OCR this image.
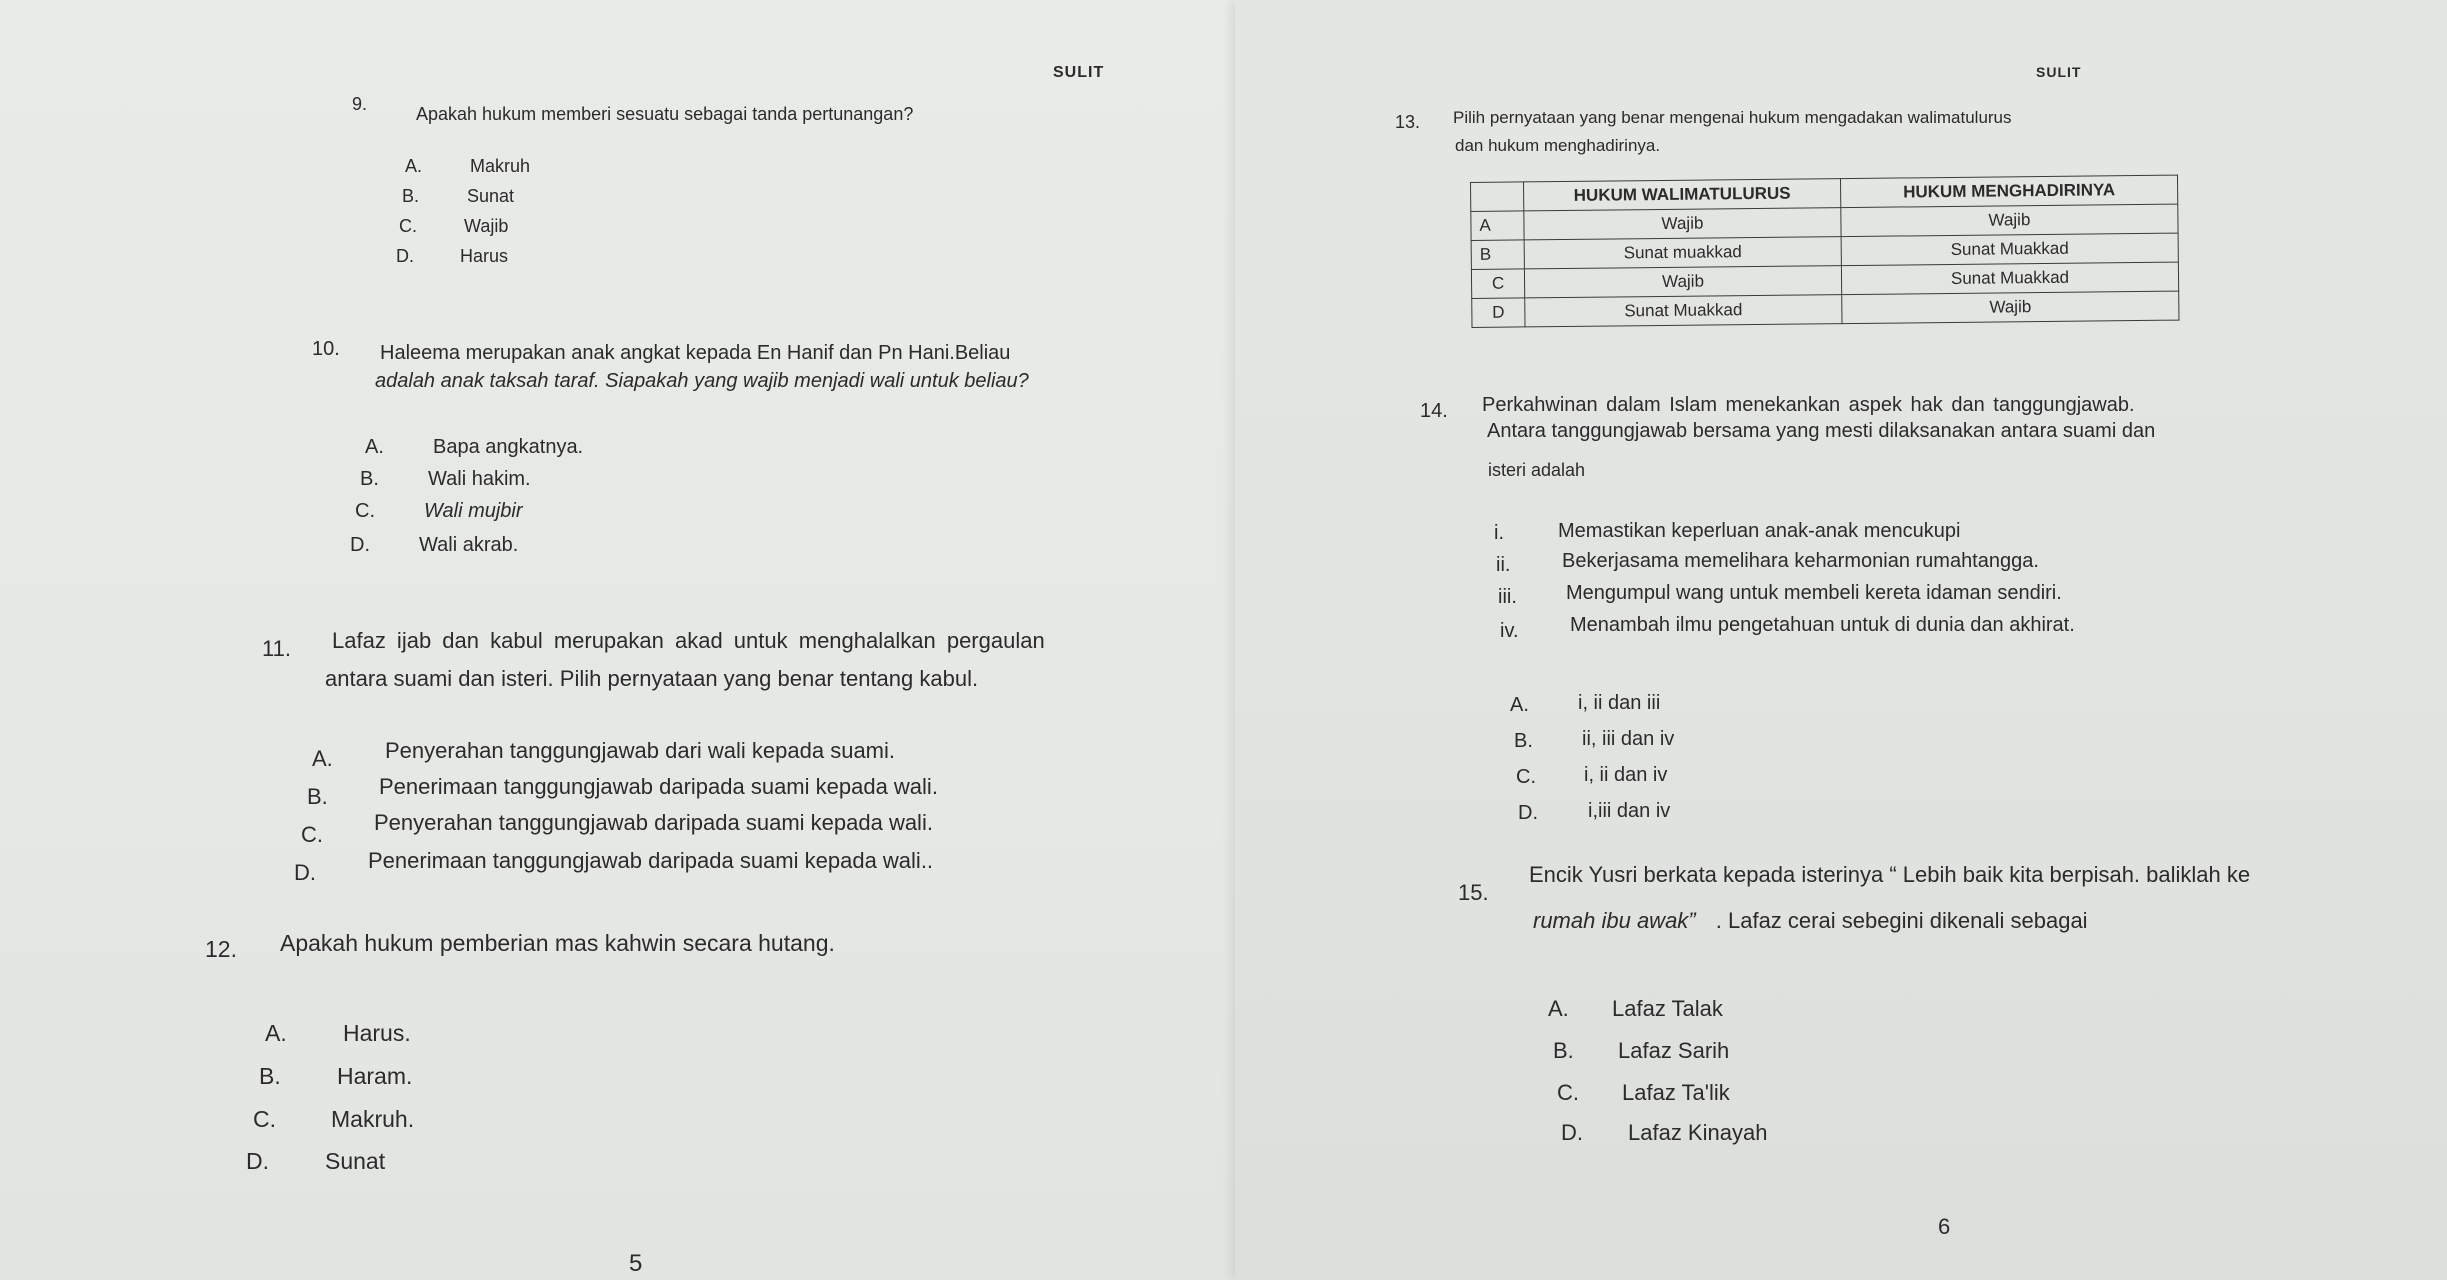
SULIT
9.	Apakah hukum memberi sesuatu sebagai tanda pertunangan?
A.	Makruh
B.	Sunat
C.	Wajib
D.	Harus
10. Haleema merupakan anak angkat kepada En Hanif dan Pn Hani.Beliau
adalah anak taksah taraf. Siapakah yang wajib menjadi wali untuk beliau?
A. Bapa angkatnya.
B. Wali hakim.
C. Wali mujbir
D. Wali akrab.
11. Lafaz ijab dan kabul merupakan akad untuk menghalalkan pergaulan
antara suami dan isteri. Pilih pernyataan yang benar tentang kabul.
A. Penyerahan tanggungjawab dari wali kepada suami.
B. Penerimaan tanggungjawab daripada suami kepada wali.
C. Penyerahan tanggungjawab daripada suami kepada wali.
D. Penerimaan tanggungjawab daripada suami kepada wali..
12. Apakah hukum pemberian mas kahwin secara hutang.
A. Harus.
B. Haram.
C. Makruh.
D. Sunat
5
SULIT
13. Pilih pernyataan yang benar mengenai hukum mengadakan walimatulurus
dan hukum menghadirinya.
	HUKUM WALIMATULURUS	HUKUM MENGHADIRINYA
A	Wajib	Wajib
B	Sunat muakkad	Sunat Muakkad
C	Wajib	Sunat Muakkad
D	Sunat Muakkad	Wajib
14. Perkahwinan dalam Islam menekankan aspek hak dan tanggungjawab.
Antara tanggungjawab bersama yang mesti dilaksanakan antara suami dan
isteri adalah
i.	Memastikan keperluan anak-anak mencukupi
ii.	Bekerjasama memelihara keharmonian rumahtangga.
iii. Mengumpul wang untuk membeli kereta idaman sendiri.
iv.	Menambah ilmu pengetahuan untuk di dunia dan akhirat.
A. i, ii dan iii
B. ii, iii dan iv
C. i, ii dan iv
D.	i,iii dan iv
15.
Encik Yusri berkata kepada isterinya “ Lebih baik kita berpisah. baliklah ke
rumah ibu awak” . Lafaz cerai sebegini dikenali sebagai
A. Lafaz Talak
B. Lafaz Sarih
C. Lafaz Ta'lik
D. Lafaz Kinayah
6
